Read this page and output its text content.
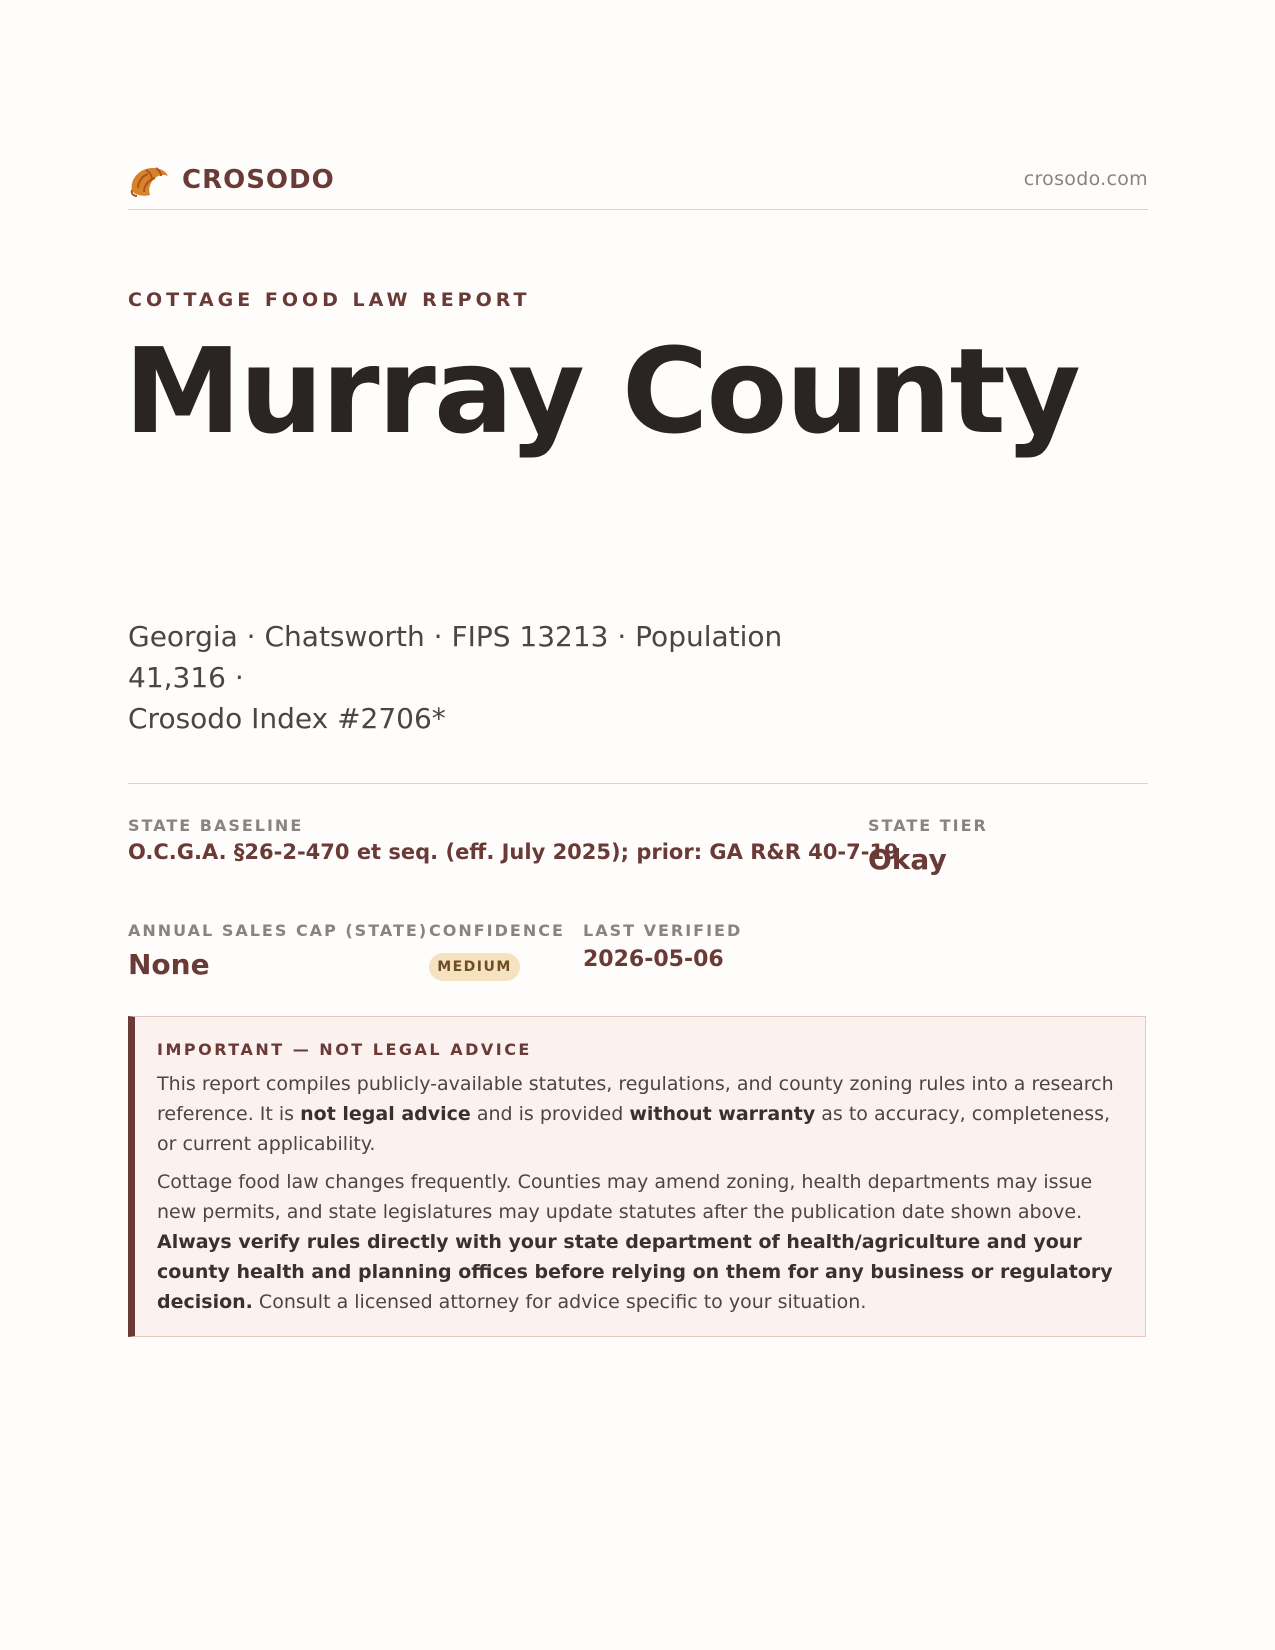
CROSODO	crosodo.com
COTTAGE FOOD LAW REPORT
Murray County
Georgia · Chatsworth · FIPS 13213 · Population 41,316 ·
Crosodo Index #2706*
STATE BASELINE
O.C.G.A. §26-2-470 et seq. (eff. July 2025); prior: GA R&R 40-7-19
STATE TIER
Okay
ANNUAL SALES CAP (STATE)
None
CONFIDENCE
MEDIUM
LAST VERIFIED
2026-05-06
IMPORTANT — NOT LEGAL ADVICE
This report compiles publicly-available statutes, regulations, and county zoning rules into a research reference. It is not legal advice and is provided without warranty as to accuracy, completeness, or current applicability.
Cottage food law changes frequently. Counties may amend zoning, health departments may issue new permits, and state legislatures may update statutes after the publication date shown above. Always verify rules directly with your state department of health/agriculture and your county health and planning offices before relying on them for any business or regulatory decision. Consult a licensed attorney for advice specific to your situation.
